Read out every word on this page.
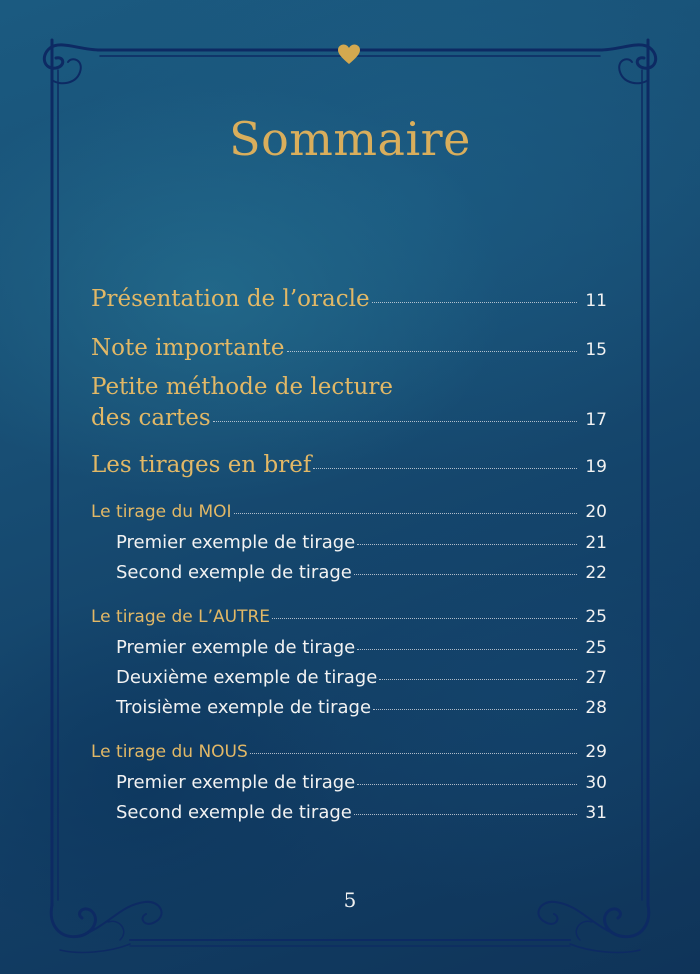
Sommaire
Présentation de l’oracle	11
Note importante	15
Petite méthode de lecture
des cartes	17
Les tirages en bref	19
Le tirage du MOI	20
Premier exemple de tirage	21
Second exemple de tirage	22
Le tirage de L’AUTRE	25
Premier exemple de tirage	25
Deuxième exemple de tirage	27
Troisième exemple de tirage	28
Le tirage du NOUS	29
Premier exemple de tirage	30
Second exemple de tirage	31
5
